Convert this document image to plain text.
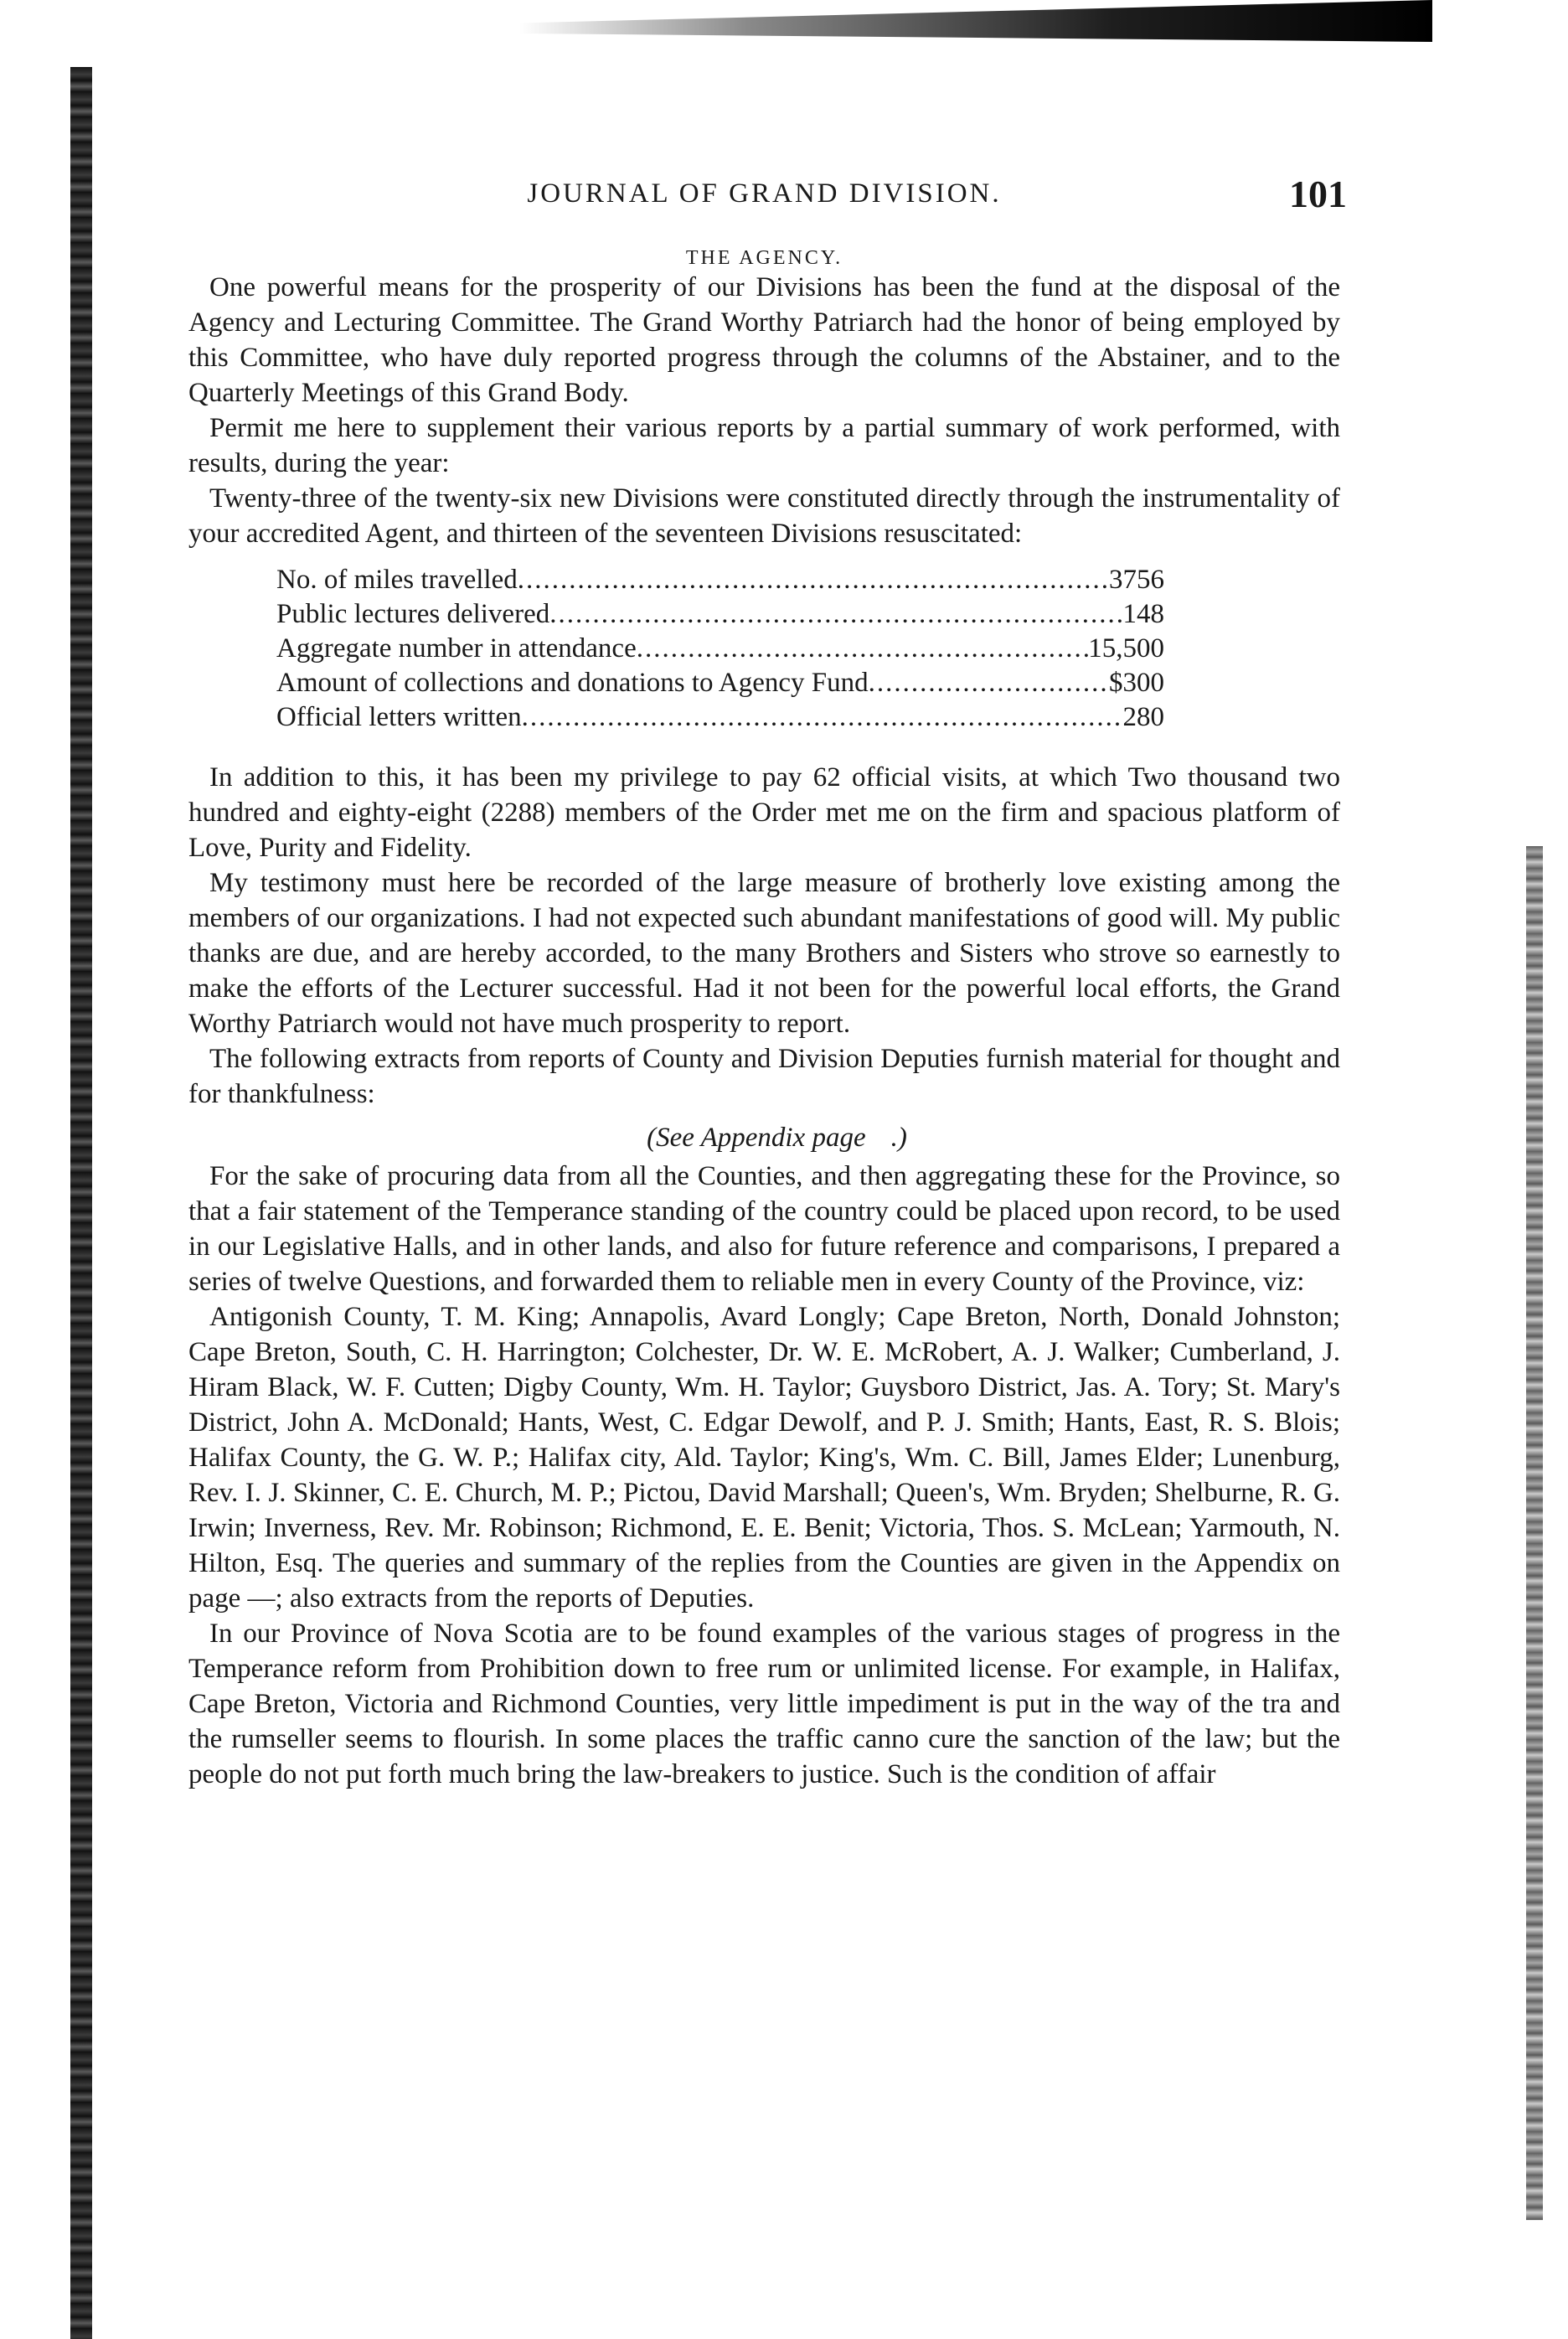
JOURNAL OF GRAND DIVISION.	101
THE AGENCY.

One powerful means for the prosperity of our Divisions has been the fund at the disposal of the Agency and Lecturing Committee. The Grand Worthy Patriarch had the honor of being employed by this Committee, who have duly reported progress through the columns of the Abstainer, and to the Quarterly Meetings of this Grand Body.

Permit me here to supplement their various reports by a partial summary of work performed, with results, during the year:

Twenty-three of the twenty-six new Divisions were constituted directly through the instrumentality of your accredited Agent, and thirteen of the seventeen Divisions resuscitated:

No. of miles travelled .....	3756
Public lectures delivered .....	148
Aggregate number in attendance .....	15,500
Amount of collections and donations to Agency Fund .....	$300
Official letters written .....	280

In addition to this, it has been my privilege to pay 62 official visits, at which Two thousand two hundred and eighty-eight (2288) members of the Order met me on the firm and spacious platform of Love, Purity and Fidelity.

My testimony must here be recorded of the large measure of brotherly love existing among the members of our organizations. I had not expected such abundant manifestations of good will. My public thanks are due, and are hereby accorded, to the many Brothers and Sisters who strove so earnestly to make the efforts of the Lecturer successful. Had it not been for the powerful local efforts, the Grand Worthy Patriarch would not have much prosperity to report.

The following extracts from reports of County and Division Deputies furnish material for thought and for thankfulness:

(See Appendix page .)

For the sake of procuring data from all the Counties, and then aggregating these for the Province, so that a fair statement of the Temperance standing of the country could be placed upon record, to be used in our Legislative Halls, and in other lands, and also for future reference and comparisons, I prepared a series of twelve Questions, and forwarded them to reliable men in every County of the Province, viz:

Antigonish County, T. M. King; Annapolis, Avard Longly; Cape Breton, North, Donald Johnston; Cape Breton, South, C. H. Harrington; Colchester, Dr. W. E. McRobert, A. J. Walker; Cumberland, J. Hiram Black, W. F. Cutten; Digby County, Wm. H. Taylor; Guysboro District, Jas. A. Tory; St. Mary's District, John A. McDonald; Hants, West, C. Edgar Dewolf, and P. J. Smith; Hants, East, R. S. Blois; Halifax County, the G. W. P.; Halifax city, Ald. Taylor; King's, Wm. C. Bill, James Elder; Lunenburg, Rev. I. J. Skinner, C. E. Church, M. P.; Pictou, David Marshall; Queen's, Wm. Bryden; Shelburne, R. G. Irwin; Inverness, Rev. Mr. Robinson; Richmond, E. E. Benit; Victoria, Thos. S. McLean; Yarmouth, N. Hilton, Esq. The queries and summary of the replies from the Counties are given in the Appendix on page —; also extracts from the reports of Deputies.

In our Province of Nova Scotia are to be found examples of the various stages of progress in the Temperance reform from Prohibition down to free rum or unlimited license. For example, in Halifax, Cape Breton, Victoria and Richmond Counties, very little impediment is put in the way of the tra and the rumseller seems to flourish. In some places the traffic canno cure the sanction of the law; but the people do not put forth much bring the law-breakers to justice. Such is the condition of affair
